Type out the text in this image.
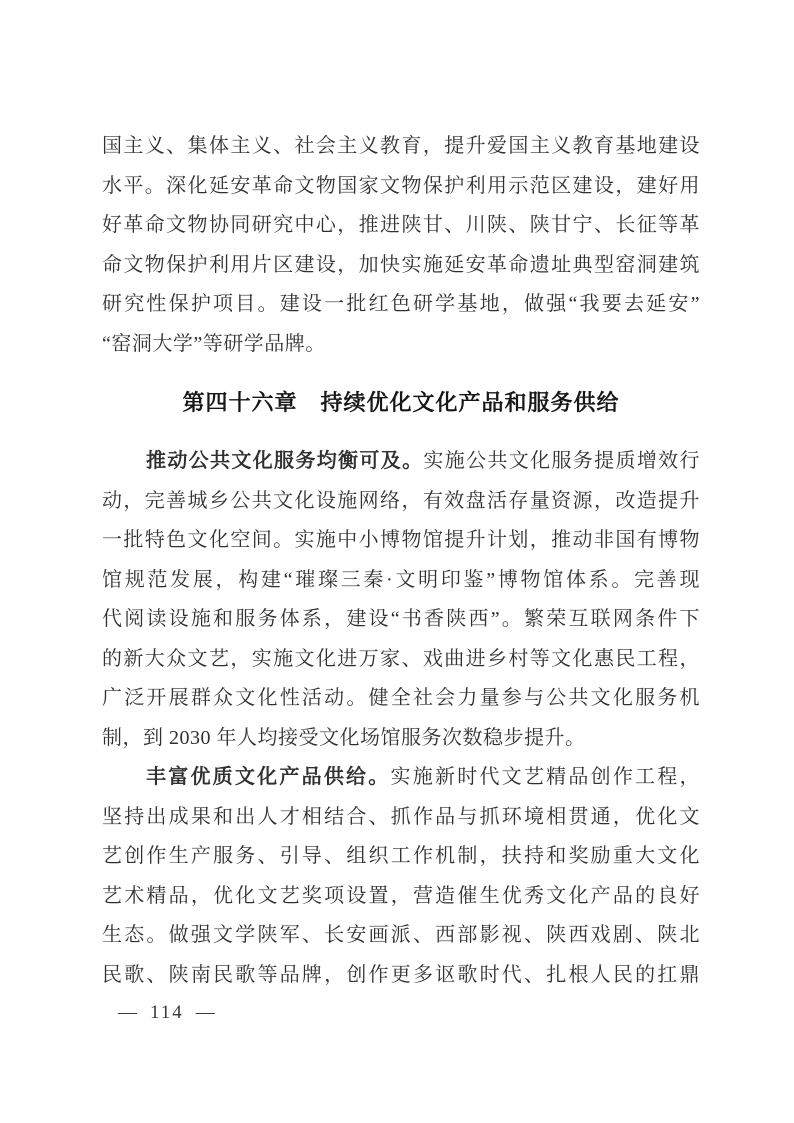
国主义、集体主义、社会主义教育，提升爱国主义教育基地建设
水平。深化延安革命文物国家文物保护利用示范区建设，建好用
好革命文物协同研究中心，推进陕甘、川陕、陕甘宁、长征等革
命文物保护利用片区建设，加快实施延安革命遗址典型窑洞建筑
研究性保护项目。建设一批红色研学基地，做强“我要去延安”
“窑洞大学”等研学品牌。
第四十六章　持续优化文化产品和服务供给
推动公共文化服务均衡可及。实施公共文化服务提质增效行
动，完善城乡公共文化设施网络，有效盘活存量资源，改造提升
一批特色文化空间。实施中小博物馆提升计划，推动非国有博物
馆规范发展，构建“璀璨三秦·文明印鉴”博物馆体系。完善现
代阅读设施和服务体系，建设“书香陕西”。繁荣互联网条件下
的新大众文艺，实施文化进万家、戏曲进乡村等文化惠民工程，
广泛开展群众文化性活动。健全社会力量参与公共文化服务机
制，到 2030 年人均接受文化场馆服务次数稳步提升。
丰富优质文化产品供给。实施新时代文艺精品创作工程，
坚持出成果和出人才相结合、抓作品与抓环境相贯通，优化文
艺创作生产服务、引导、组织工作机制，扶持和奖励重大文化
艺术精品，优化文艺奖项设置，营造催生优秀文化产品的良好
生态。做强文学陕军、长安画派、西部影视、陕西戏剧、陕北
民歌、陕南民歌等品牌，创作更多讴歌时代、扎根人民的扛鼎
— 114 —
